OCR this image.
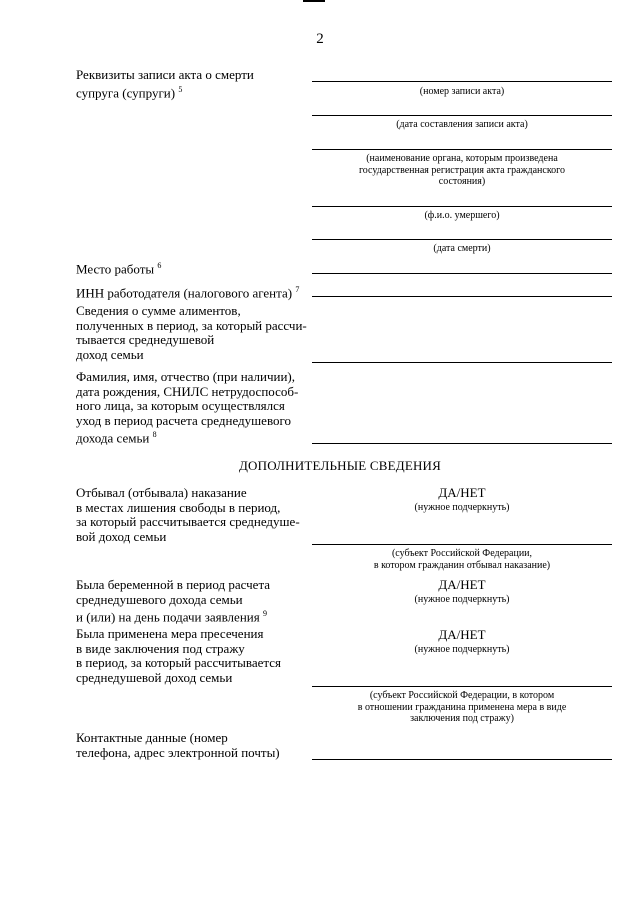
2
Реквизиты записи акта о смерти
супруга (супруги) $^5$	(номер записи акта)
(дата составления записи акта)
(наименование органа, которым произведена
государственная регистрация акта гражданского
состояния)
(ф.и.о. умершего)
(дата смерти)
Место работы $^6$
ИНН работодателя (налогового агента) $^7$
Сведения о сумме алиментов,
полученных в период, за который рассчи-
тывается среднедушевой
доход семьи
Фамилия, имя, отчество (при наличии),
дата рождения, СНИЛС нетрудоспособ-
ного лица, за которым осуществлялся
уход в период расчета среднедушевого
дохода семьи $^8$
ДОПОЛНИТЕЛЬНЫЕ СВЕДЕНИЯ
Отбывал (отбывала) наказание
в местах лишения свободы в период,
за который рассчитывается среднедуше-
вой доход семьи
ДА/НЕТ
(нужное подчеркнуть)
(субъект Российской Федерации,
в котором гражданин отбывал наказание)
Была беременной в период расчета
среднедушевого дохода семьи
и (или) на день подачи заявления $^9$
ДА/НЕТ
(нужное подчеркнуть)
Была применена мера пресечения
в виде заключения под стражу
в период, за который рассчитывается
среднедушевой доход семьи
ДА/НЕТ
(нужное подчеркнуть)
(субъект Российской Федерации, в котором
в отношении гражданина применена мера в виде
заключения под стражу)
Контактные данные (номер
телефона, адрес электронной почты)
